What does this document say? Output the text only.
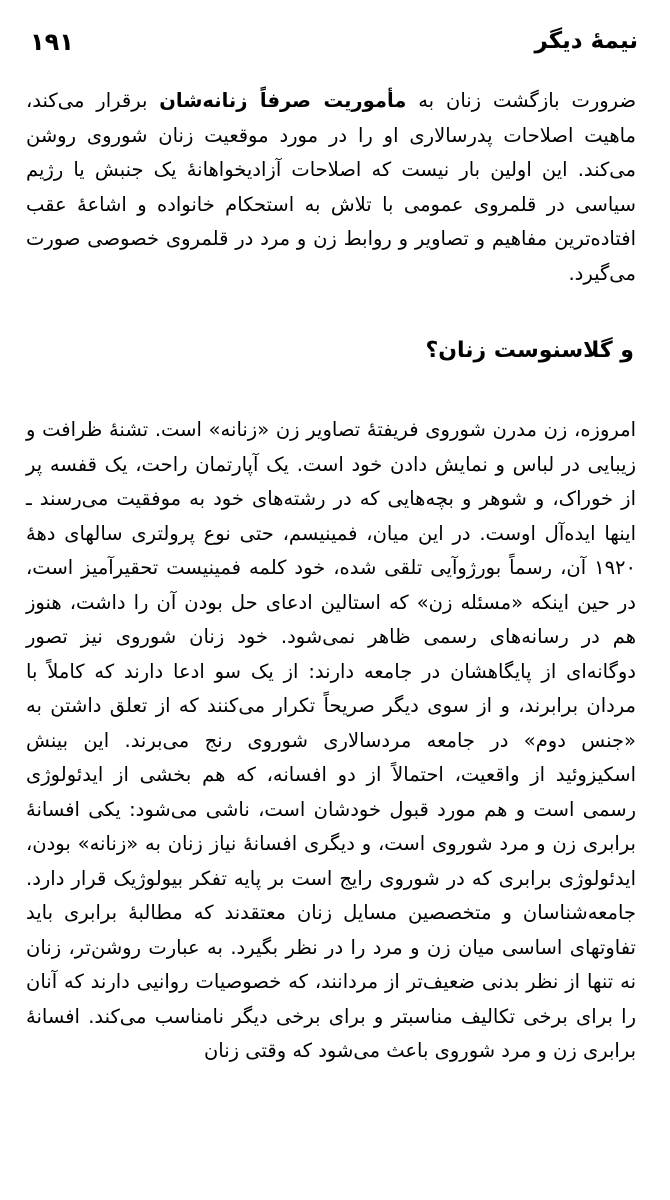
نیمهٔ دیگر
۱۹۱

ضرورت بازگشت زنان به مأموریت صرفاً زنانه‌شان برقرار می‌کند، ماهیت اصلاحات پدرسالاری او را در مورد موقعیت زنان شوروی روشن می‌کند. این اولین بار نیست که اصلاحات آزادیخواهانهٔ یک جنبش یا رژیم سیاسی در قلمروی عمومی با تلاش به استحکام خانواده و اشاعهٔ عقب افتاده‌ترین مفاهیم و تصاویر و روابط زن و مرد در قلمروی خصوصی صورت می‌گیرد.

و گلاسنوست زنان؟

امروزه، زن مدرن شوروی فریفتهٔ تصاویر زن «زنانه» است. تشنهٔ ظرافت و زیبایی در لباس و نمایش دادن خود است. یک آپارتمان راحت، یک قفسه پر از خوراک، و شوهر و بچه‌هایی که در رشته‌های خود به موفقیت می‌رسند ـ اینها ایده‌آل اوست. در این میان، فمینیسم، حتی نوع پرولتری سالهای دههٔ ۱۹۲۰ آن، رسماً بورژوآیی تلقی شده، خود کلمه فمینیست تحقیرآمیز است، در حین اینکه «مسئله زن» که استالین ادعای حل بودن آن را داشت، هنوز هم در رسانه‌های رسمی ظاهر نمی‌شود. خود زنان شوروی نیز تصور دوگانه‌ای از پایگاهشان در جامعه دارند: از یک سو ادعا دارند که کاملاً با مردان برابرند، و از سوی دیگر صریحاً تکرار می‌کنند که از تعلق داشتن به «جنس دوم» در جامعه مردسالاری شوروی رنج می‌برند. این بینش اسکیزوئید از واقعیت، احتمالاً از دو افسانه، که هم بخشی از ایدئولوژی رسمی است و هم مورد قبول خودشان است، ناشی می‌شود: یکی افسانهٔ برابری زن و مرد شوروی است، و دیگری افسانهٔ نیاز زنان به «زنانه» بودن، ایدئولوژی برابری که در شوروی رایج است بر پایه تفکر بیولوژیک قرار دارد. جامعه‌شناسان و متخصصین مسایل زنان معتقدند که مطالبهٔ برابری باید تفاوتهای اساسی میان زن و مرد را در نظر بگیرد. به عبارت روشن‌تر، زنان نه تنها از نظر بدنی ضعیف‌تر از مردانند، که خصوصیات روانیی دارند که آنان را برای برخی تکالیف مناسبتر و برای برخی دیگر نامناسب می‌کند. افسانهٔ برابری زن و مرد شوروی باعث می‌شود که وقتی زنان
